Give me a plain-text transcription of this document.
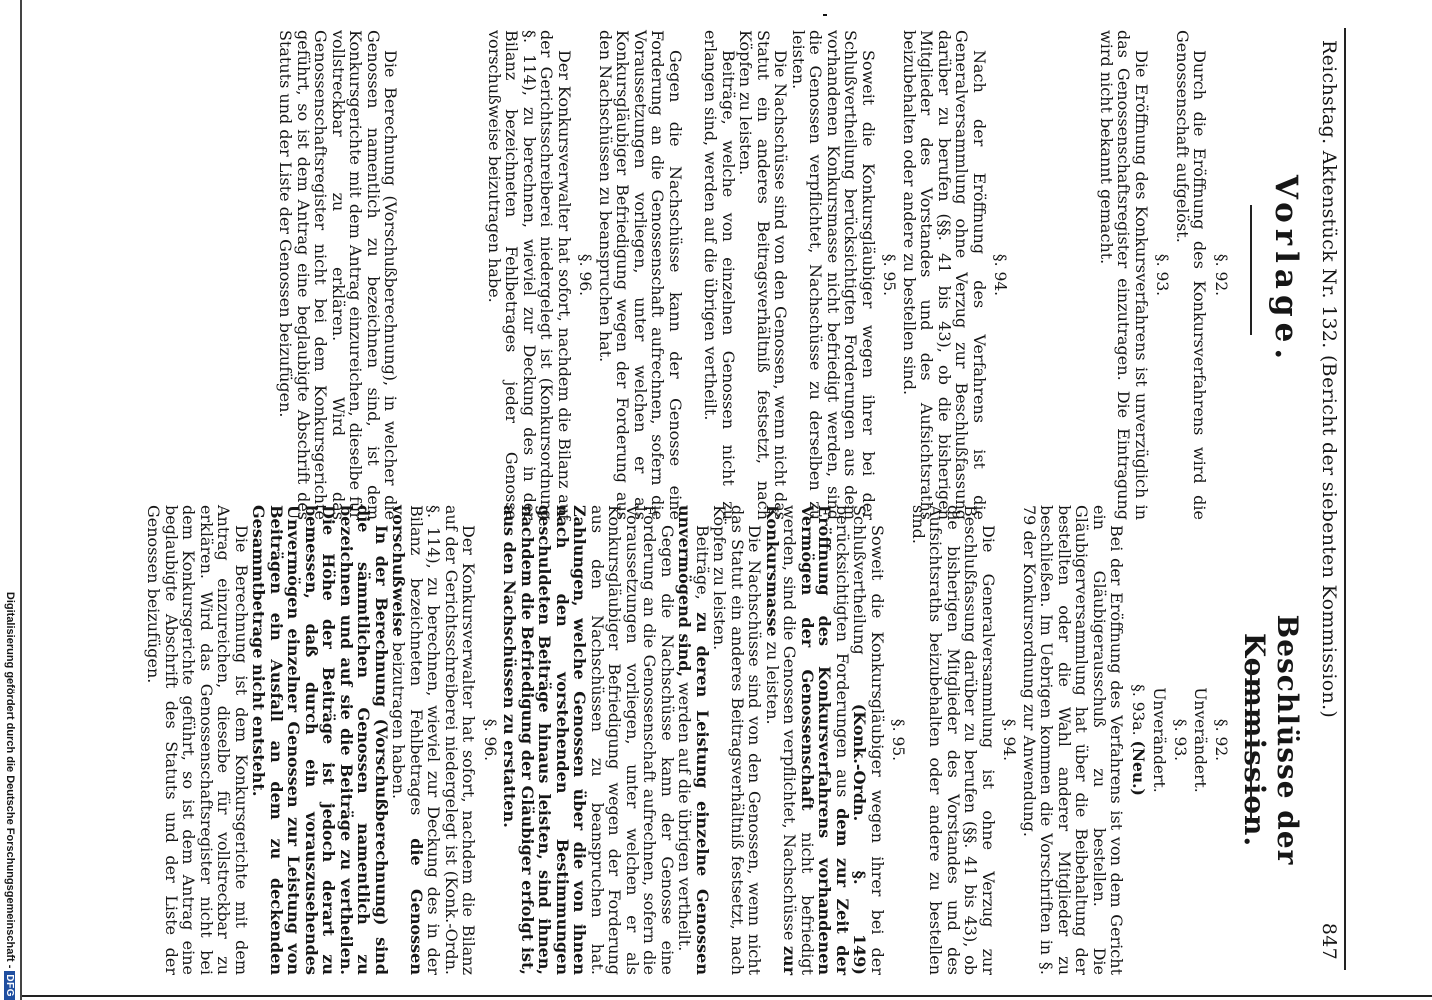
Reichstag. Aktenstück Nr. 132. (Bericht der siebenten Kommission.)
847
Vorlage.
Beschlüsse der Kommission.
§. 92.

Durch die Eröffnung des Konkursverfahrens wird die Genossenschaft aufgelöst.

§. 93.

Die Eröffnung des Konkursverfahrens ist unverzüglich in das Genossenschaftsregister einzutragen. Die Eintragung wird nicht bekannt gemacht.

§. 94.

Nach der Eröffnung des Verfahrens ist die Generalversammlung ohne Verzug zur Beschlußfassung darüber zu berufen (§§. 41 bis 43), ob die bisherigen Mitglieder des Vorstandes und des Aufsichtsraths beizubehalten oder andere zu bestellen sind.

§. 95.

Soweit die Konkursgläubiger wegen ihrer bei der Schlußvertheilung berücksichtigten Forderungen aus dem vorhandenen Konkursmasse nicht befriedigt werden, sind die Genossen verpflichtet, Nachschüsse zu derselben zu leisten.

Die Nachschüsse sind von den Genossen, wenn nicht das Statut ein anderes Beitragsverhältniß festsetzt, nach Köpfen zu leisten.

Beiträge, welche von einzelnen Genossen nicht zu erlangen sind, werden auf die übrigen vertheilt.

Gegen die Nachschüsse kann der Genosse eine Forderung an die Genossenschaft aufrechnen, sofern die Voraussetzungen vorliegen, unter welchen er als Konkursgläubiger Befriedigung wegen der Forderung aus den Nachschüssen zu beanspruchen hat.

§. 96.

Der Konkursverwalter hat sofort, nachdem die Bilanz auf der Gerichtsschreiberei niedergelegt ist (Konkursordnung §. 114), zu berechnen, wieviel zur Deckung des in der Bilanz bezeichneten Fehlbetrages jeder Genosse vorschußweise beizutragen habe.

Die Berechnung (Vorschußberechnung), in welcher die Genossen namentlich zu bezeichnen sind, ist dem Konkursgerichte mit dem Antrag einzureichen, dieselbe für vollstreckbar zu erklären. Wird das Genossenschaftsregister nicht bei dem Konkursgerichte geführt, so ist dem Antrag eine beglaubigte Abschrift des Statuts und der Liste der Genossen beizufügen.

§. 92.
Unverändert.
§. 93.
Unverändert.
§. 93a. (Neu.)

Bei der Eröffnung des Verfahrens ist von dem Gericht ein Gläubigerausschuß zu bestellen. Die Gläubigerversammlung hat über die Beibehaltung der bestellten oder die Wahl anderer Mitglieder zu beschließen. Im Uebrigen kommen die Vorschriften in §. 79 der Konkursordnung zur Anwendung.

§. 94.

Die Generalversammlung ist ohne Verzug zur Beschlußfassung darüber zu berufen (§§. 41 bis 43), ob die bisherigen Mitglieder des Vorstandes und des Aufsichtsraths beizubehalten oder andere zu bestellen sind.

§. 95.

Soweit die Konkursgläubiger wegen ihrer bei der Schlußvertheilung (Konk.-Ordn. §. 149) berücksichtigten Forderungen aus dem zur Zeit der Eröffnung des Konkursverfahrens vorhandenen Vermögen der Genossenschaft nicht befriedigt werden, sind die Genossen verpflichtet, Nachschüsse zur Konkursmasse zu leisten.

Die Nachschüsse sind von den Genossen, wenn nicht das Statut ein anderes Beitragsverhältniß festsetzt, nach Köpfen zu leisten.

Beiträge, zu deren Leistung einzelne Genossen unvermögend sind, werden auf die übrigen vertheilt.

Gegen die Nachschüsse kann der Genosse eine Forderung an die Genossenschaft aufrechnen, sofern die Voraussetzungen vorliegen, unter welchen er als Konkursgläubiger Befriedigung wegen der Forderung aus den Nachschüssen zu beanspruchen hat. Zahlungen, welche Genossen über die von ihnen nach den vorstehenden Bestimmungen geschuldeten Beiträge hinaus leisten, sind ihnen, nachdem die Befriedigung der Gläubiger erfolgt ist, aus den Nachschüssen zu erstatten.

§. 96.

Der Konkursverwalter hat sofort, nachdem die Bilanz auf der Gerichtsschreiberei niedergelegt ist (Konk.-Ordn. §. 114), zu berechnen, wieviel zur Deckung des in der Bilanz bezeichneten Fehlbetrages die Genossen vorschußweise beizutragen haben.

In der Berechnung (Vorschußberechnung) sind die sämmtlichen Genossen namentlich zu bezeichnen und auf sie die Beiträge zu vertheilen. Die Höhe der Beiträge ist jedoch derart zu bemessen, daß durch ein vorauszusehendes Unvermögen einzelner Genossen zur Leistung von Beiträgen ein Ausfall an dem zu deckenden Gesammtbetrage nicht entsteht.

Die Berechnung ist dem Konkursgerichte mit dem Antrag einzureichen, dieselbe für vollstreckbar zu erklären. Wird das Genossenschaftsregister nicht bei dem Konkursgerichte geführt, so ist dem Antrag eine beglaubigte Abschrift des Statuts und der Liste der Genossen beizufügen.

Digitalisierung gefördert durch die Deutsche Forschungsgemeinschaft -DFG
